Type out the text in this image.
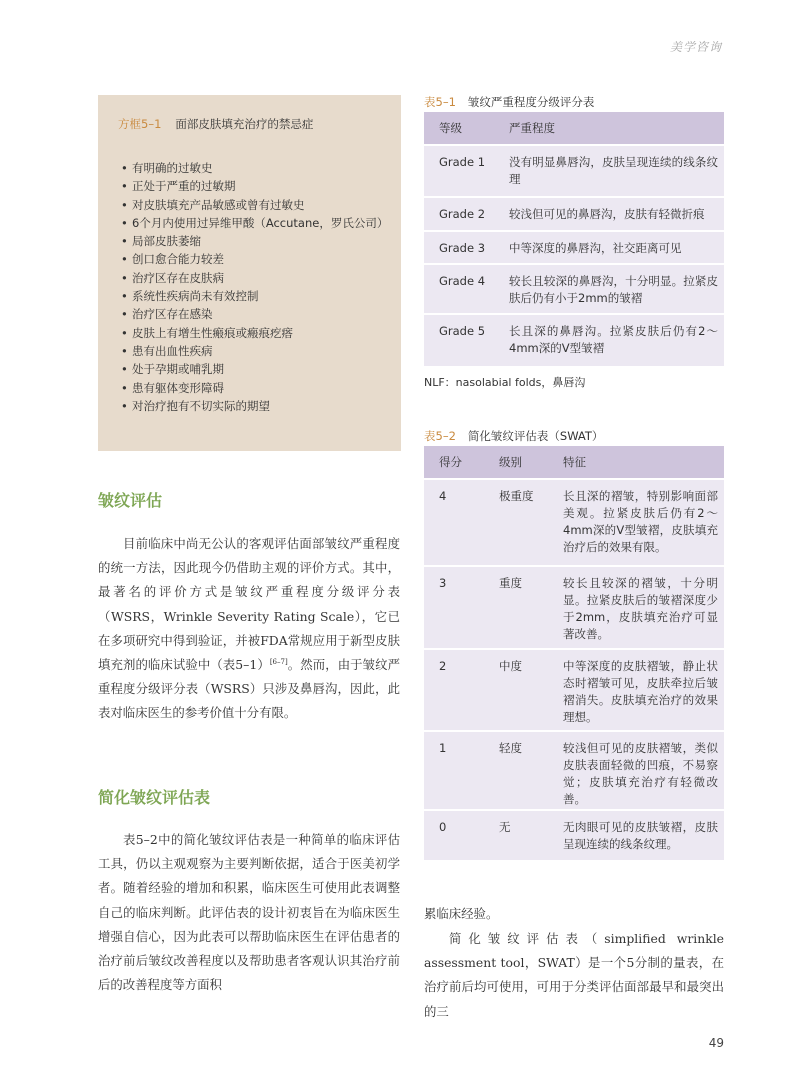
美学咨询
方框5–1 面部皮肤填充治疗的禁忌症
• 有明确的过敏史
• 正处于严重的过敏期
• 对皮肤填充产品敏感或曾有过敏史
• 6个月内使用过异维甲酸（Accutane，罗氏公司）
• 局部皮肤萎缩
• 创口愈合能力较差
• 治疗区存在皮肤病
• 系统性疾病尚未有效控制
• 治疗区存在感染
• 皮肤上有增生性瘢痕或瘢痕疙瘩
• 患有出血性疾病
• 处于孕期或哺乳期
• 患有躯体变形障碍
• 对治疗抱有不切实际的期望
皱纹评估

目前临床中尚无公认的客观评估面部皱纹严重程度的统一方法，因此现今仍借助主观的评价方式。其中，最著名的评价方式是皱纹严重程度分级评分表（WSRS，Wrinkle Severity Rating Scale），它已在多项研究中得到验证，并被FDA常规应用于新型皮肤填充剂的临床试验中（表5–1）[6–7]。然而，由于皱纹严重程度分级评分表（WSRS）只涉及鼻唇沟，因此，此表对临床医生的参考价值十分有限。

简化皱纹评估表

表5–2中的简化皱纹评估表是一种简单的临床评估工具，仍以主观观察为主要判断依据，适合于医美初学者。随着经验的增加和积累，临床医生可使用此表调整自己的临床判断。此评估表的设计初衷旨在为临床医生增强自信心，因为此表可以帮助临床医生在评估患者的治疗前后皱纹改善程度以及帮助患者客观认识其治疗前后的改善程度等方面积

累临床经验。

简化皱纹评估表（simplified wrinkle assessment tool，SWAT）是一个5分制的量表，在治疗前后均可使用，可用于分类评估面部最早和最突出的三

表5–1 皱纹严重程度分级评分表
等级	严重程度
Grade 1	没有明显鼻唇沟，皮肤呈现连续的线条纹理
Grade 2	较浅但可见的鼻唇沟，皮肤有轻微折痕
Grade 3	中等深度的鼻唇沟，社交距离可见
Grade 4	较长且较深的鼻唇沟，十分明显。拉紧皮肤后仍有小于2mm的皱褶
Grade 5	长且深的鼻唇沟。拉紧皮肤后仍有2～4mm深的V型皱褶
NLF：nasolabial folds，鼻唇沟
表5–2 简化皱纹评估表（SWAT）
得分	级别	特征
4	极重度	长且深的褶皱，特别影响面部美观。拉紧皮肤后仍有2～4mm深的V型皱褶，皮肤填充治疗后的效果有限。
3	重度	较长且较深的褶皱，十分明显。拉紧皮肤后的皱褶深度少于2mm，皮肤填充治疗可显著改善。
2	中度	中等深度的皮肤褶皱，静止状态时褶皱可见，皮肤牵拉后皱褶消失。皮肤填充治疗的效果理想。
1	轻度	较浅但可见的皮肤褶皱，类似皮肤表面轻微的凹痕，不易察觉；皮肤填充治疗有轻微改善。
0	无	无肉眼可见的皮肤皱褶，皮肤呈现连续的线条纹理。
49
